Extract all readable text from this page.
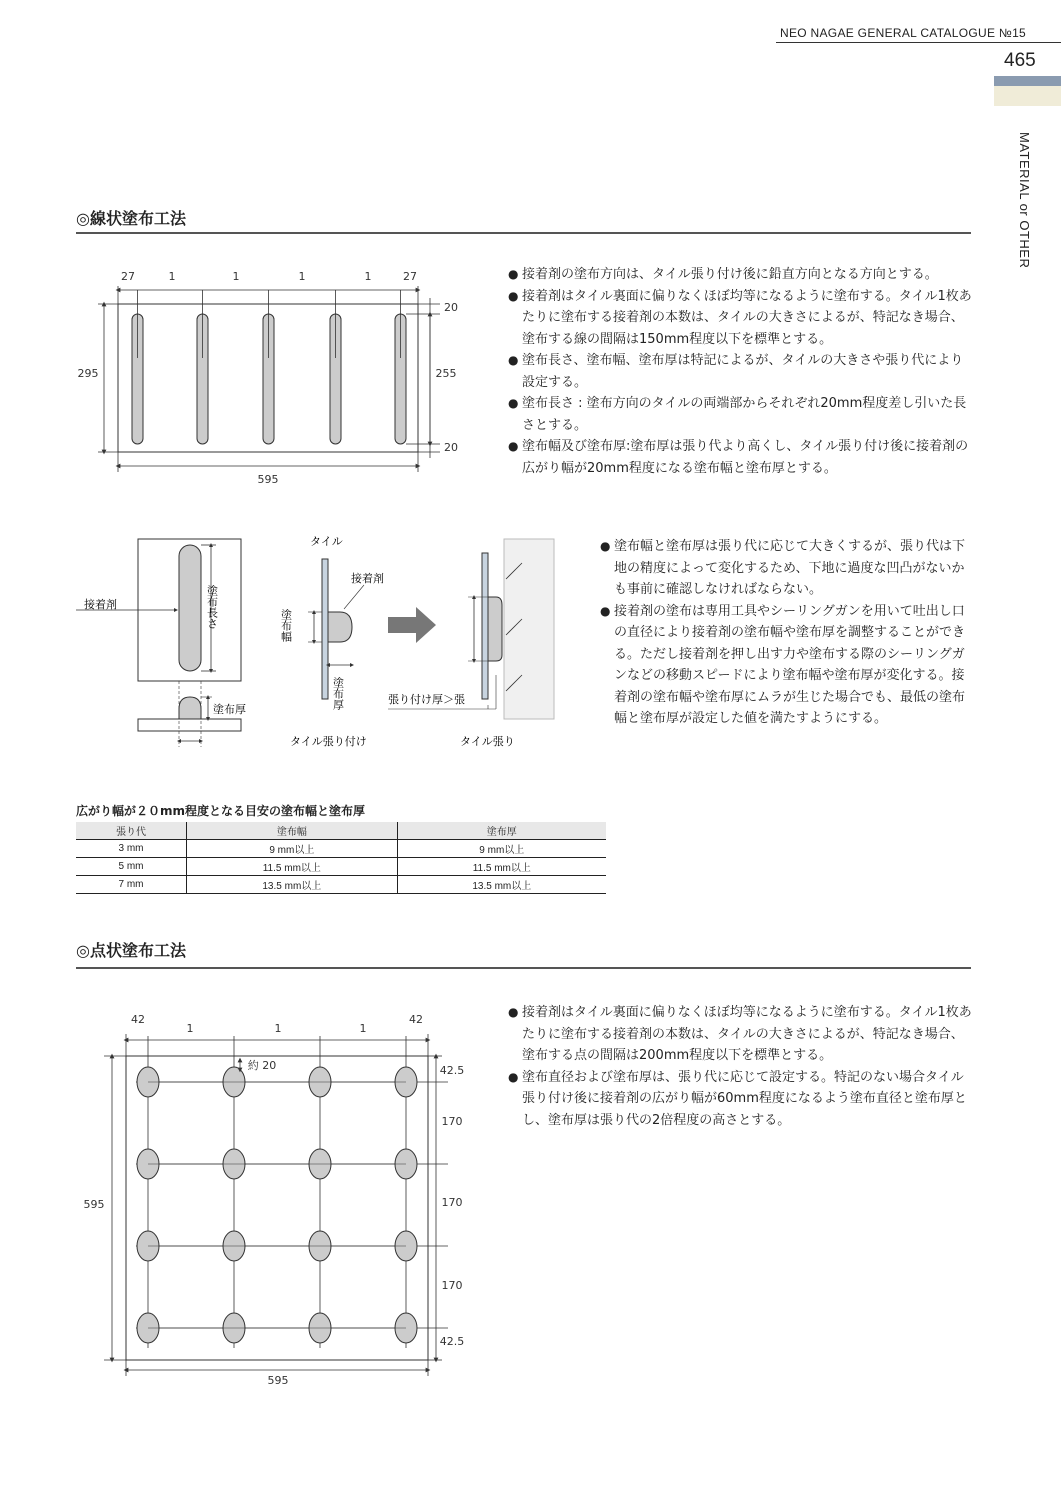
NEO NAGAE GENERAL CATALOGUE №15
465
MATERIAL or OTHER
◎線状塗布工法
27	1	1	1	1	27
295
20
255
20
595
● 接着剤の塗布方向は、タイル張り付け後に鉛直方向となる方向とする。
● 接着剤はタイル裏面に偏りなくほぼ均等になるように塗布する。タイル1枚あたりに塗布する接着剤の本数は、タイルの大きさによるが、特記なき場合、塗布する線の間隔は150mm程度以下を標準とする。
● 塗布長さ、塗布幅、塗布厚は特記によるが、タイルの大きさや張り代により設定する。
● 塗布長さ : 塗布方向のタイルの両端部からそれぞれ20mm程度差し引いた長さとする。
● 塗布幅及び塗布厚:塗布厚は張り代より高くし、タイル張り付け後に接着剤の広がり幅が20mm程度になる塗布幅と塗布厚とする。
塗布長さ
接着剤
塗布厚
タイル
接着剤
塗布幅
塗布厚
タイル張り付け
張り付け厚＞張
タイル張り
● 塗布幅と塗布厚は張り代に応じて大きくするが、張り代は下地の精度によって変化するため、下地に過度な凹凸がないかも事前に確認しなければならない。
● 接着剤の塗布は専用工具やシーリングガンを用いて吐出し口の直径により接着剤の塗布幅や塗布厚を調整することができる。ただし接着剤を押し出す力や塗布する際のシーリングガンなどの移動スピードにより塗布幅や塗布厚が変化する。接着剤の塗布幅や塗布厚にムラが生じた場合でも、最低の塗布幅と塗布厚が設定した値を満たすようにする。
広がり幅が２０mm程度となる目安の塗布幅と塗布厚
張り代	塗布幅	塗布厚
3 mm	9 mm以上	9 mm以上
5 mm	11.5 mm以上	11.5 mm以上
7 mm	13.5 mm以上	13.5 mm以上
◎点状塗布工法
42
1	1	1
42
約 20
595
42.5
170
170
170
42.5
595
● 接着剤はタイル裏面に偏りなくほぼ均等になるように塗布する。タイル1枚あたりに塗布する接着剤の本数は、タイルの大きさによるが、特記なき場合、塗布する点の間隔は200mm程度以下を標準とする。
● 塗布直径および塗布厚は、張り代に応じて設定する。特記のない場合タイル張り付け後に接着剤の広がり幅が60mm程度になるよう塗布直径と塗布厚とし、塗布厚は張り代の2倍程度の高さとする。
